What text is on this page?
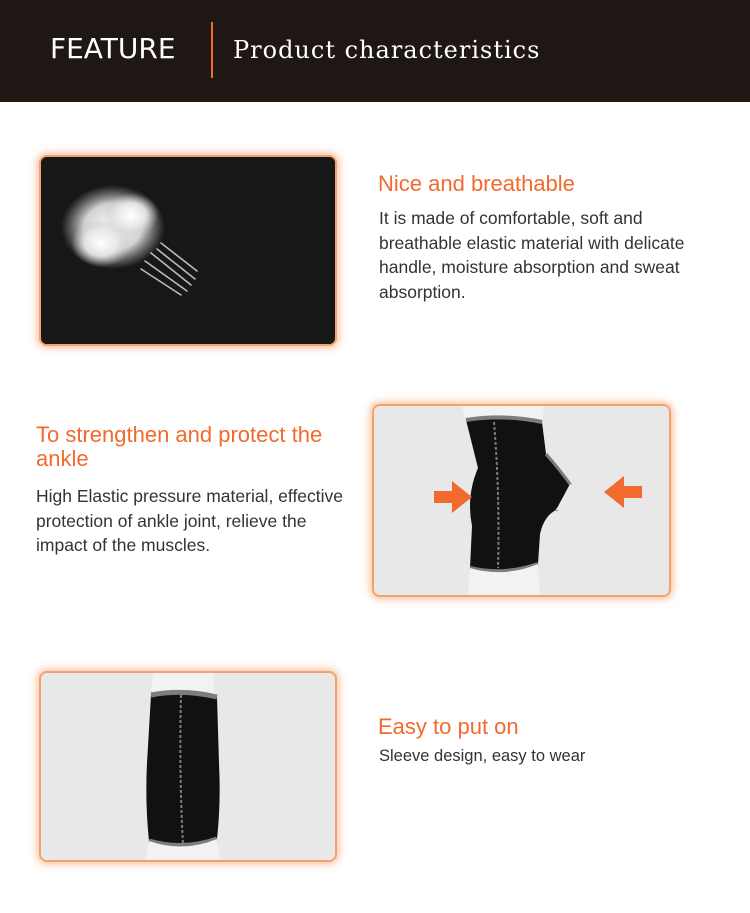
FEATURE Product characteristics
Nice and breathable
It is made of comfortable, soft and breathable elastic material with delicate handle, moisture absorption and sweat absorption.
To strengthen and protect the ankle
High Elastic pressure material, effective protection of ankle joint, relieve the impact of the muscles.
Easy to put on
Sleeve design, easy to wear
